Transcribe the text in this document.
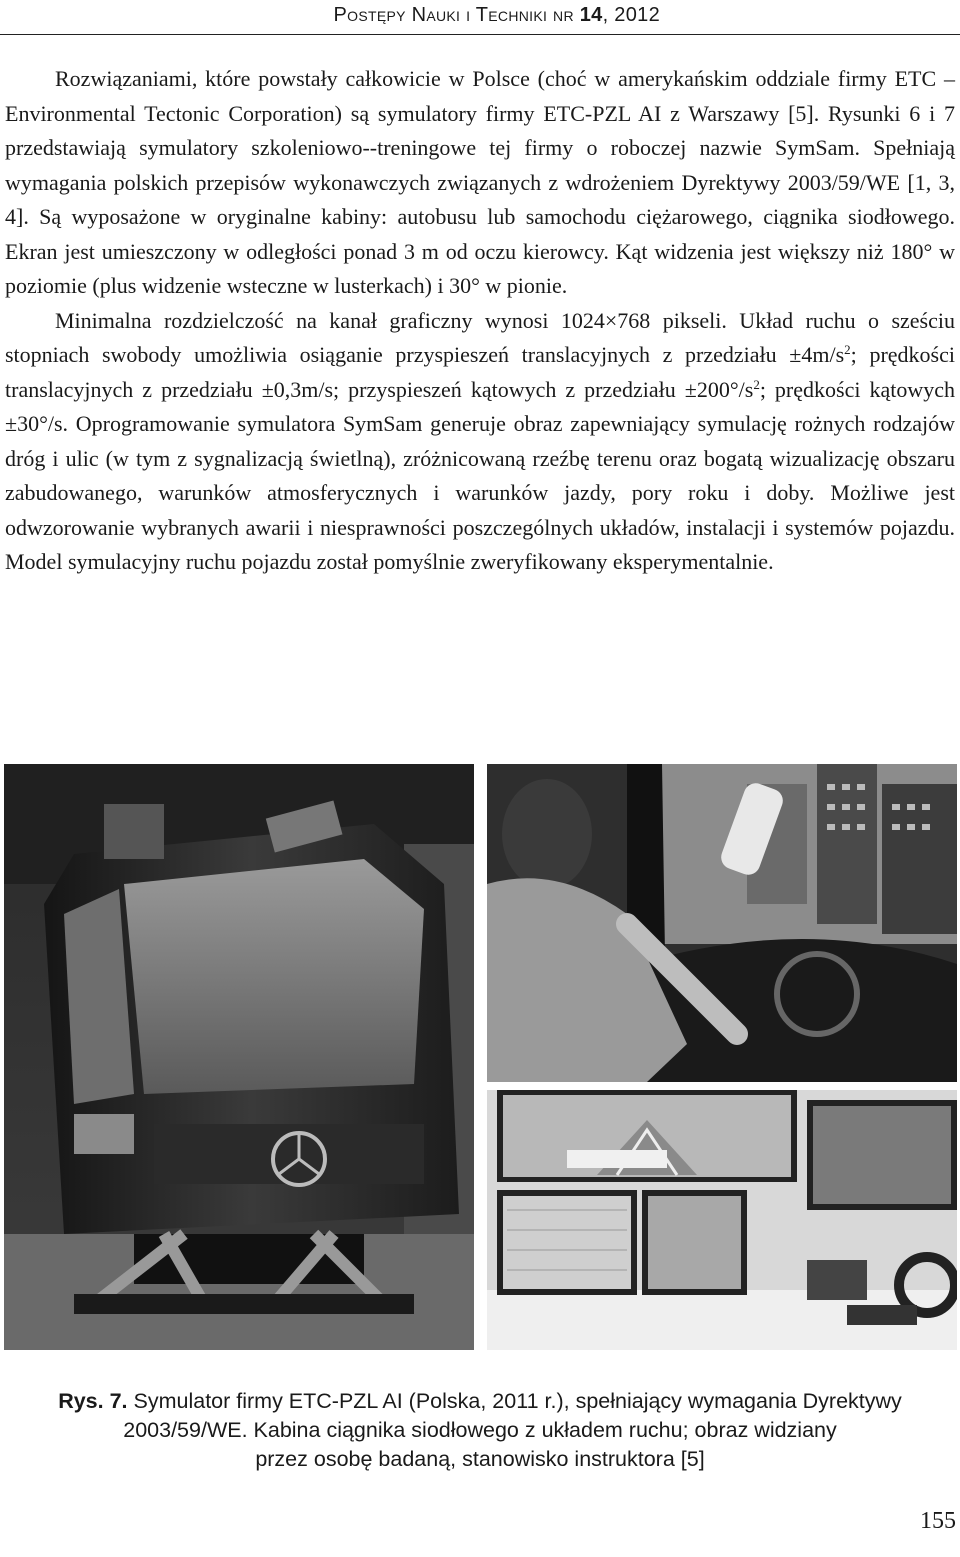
Postępy Nauki i Techniki nr 14, 2012

Rozwiązaniami, które powstały całkowicie w Polsce (choć w amerykańskim oddziale firmy ETC – Environmental Tectonic Corporation) są symulatory firmy ETC-PZL AI z Warszawy [5]. Rysunki 6 i 7 przedstawiają symulatory szkoleniowo--treningowe tej firmy o roboczej nazwie SymSam. Spełniają wymagania polskich przepisów wykonawczych związanych z wdrożeniem Dyrektywy 2003/59/WE [1, 3, 4]. Są wyposażone w oryginalne kabiny: autobusu lub samochodu ciężarowego, ciągnika siodłowego. Ekran jest umieszczony w odległości ponad 3 m od oczu kierowcy. Kąt widzenia jest większy niż 180° w poziomie (plus widzenie wsteczne w lusterkach) i 30° w pionie.

Minimalna rozdzielczość na kanał graficzny wynosi 1024×768 pikseli. Układ ruchu o sześciu stopniach swobody umożliwia osiąganie przyspieszeń translacyjnych z przedziału $\pm 4m/s^2$; prędkości translacyjnych z przedziału ±0,3m/s; przyspieszeń kątowych z przedziału $\pm 200^\circ/s^2$; prędkości kątowych ±30°/s. Oprogramowanie symulatora SymSam generuje obraz zapewniający symulację rożnych rodzajów dróg i ulic (w tym z sygnalizacją świetlną), zróżnicowaną rzeźbę terenu oraz bogatą wizualizację obszaru zabudowanego, warunków atmosferycznych i warunków jazdy, pory roku i doby. Możliwe jest odwzorowanie wybranych awarii i niesprawności poszczególnych układów, instalacji i systemów pojazdu. Model symulacyjny ruchu pojazdu został pomyślnie zweryfikowany eksperymentalnie.

Rys. 7. Symulator firmy ETC-PZL AI (Polska, 2011 r.), spełniający wymagania Dyrektywy
2003/59/WE. Kabina ciągnika siodłowego z układem ruchu; obraz widziany
przez osobę badaną, stanowisko instruktora [5]
155
